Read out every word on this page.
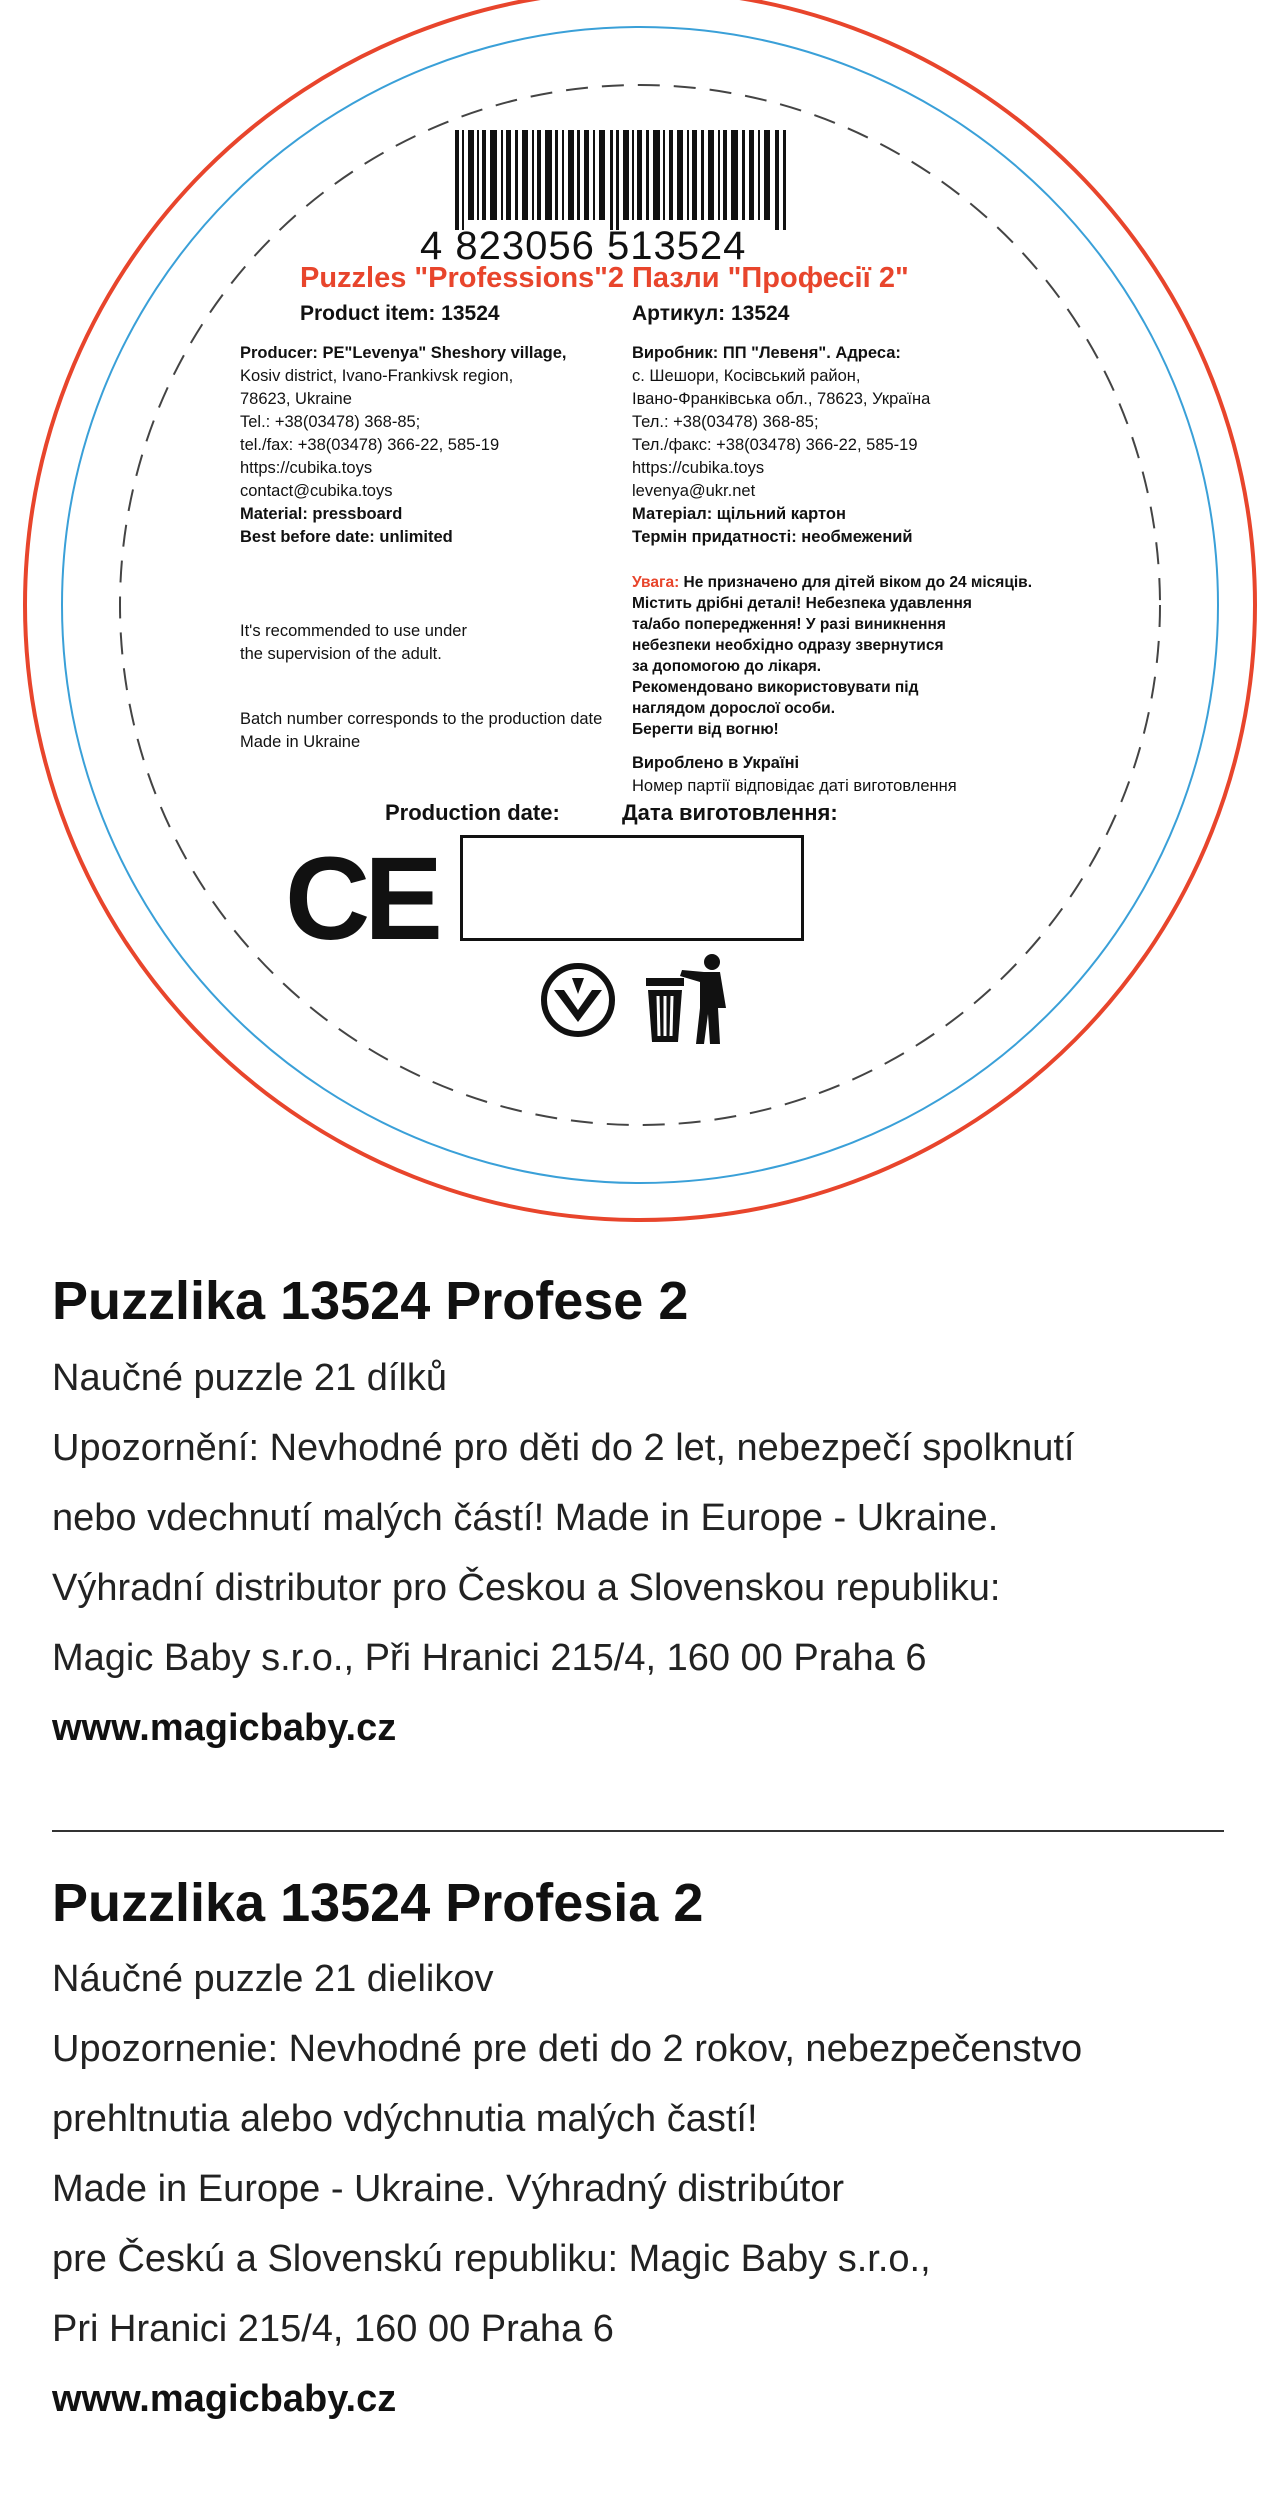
4 823056 513524
Puzzles "Professions"2 Пазли "Професії 2"
Product item: 13524	Артикул: 13524
Producer: PE"Levenya" Sheshory village,
Kosiv district, Ivano-Frankivsk region,
78623, Ukraine
Tel.: +38(03478) 368-85;
tel./fax: +38(03478) 366-22, 585-19
https://cubika.toys
contact@cubika.toys
Material: pressboard
Best before date: unlimited
It's recommended to use under
the supervision of the adult.
Batch number corresponds to the production date
Made in Ukraine
Виробник: ПП "Левеня". Адреса:
с. Шешори, Косівський район,
Івано-Франківська обл., 78623, Україна
Тел.: +38(03478) 368-85;
Тел./факс: +38(03478) 366-22, 585-19
https://cubika.toys
levenya@ukr.net
Матеріал: щільний картон
Термін придатності: необмежений
Увага: Не призначено для дітей віком до 24 місяців.
Містить дрібні деталі! Небезпека удавлення
та/або попередження! У разі виникнення
небезпеки необхідно одразу звернутися
за допомогою до лікаря.
Рекомендовано використовувати під
наглядом дорослої особи.
Берегти від вогню!
Вироблено в Україні
Номер партії відповідає даті виготовлення
Production date:	Дата виготовлення:
CE
Puzzlika 13524 Profese 2
Naučné puzzle 21 dílků
Upozornění: Nevhodné pro děti do 2 let, nebezpečí spolknutí
nebo vdechnutí malých částí! Made in Europe - Ukraine.
Výhradní distributor pro Českou a Slovenskou republiku:
Magic Baby s.r.o., Při Hranici 215/4, 160 00 Praha 6
www.magicbaby.cz
Puzzlika 13524 Profesia 2
Náučné puzzle 21 dielikov
Upozornenie: Nevhodné pre deti do 2 rokov, nebezpečenstvo
prehltnutia alebo vdýchnutia malých častí!
Made in Europe - Ukraine. Výhradný distribútor
pre Českú a Slovenskú republiku: Magic Baby s.r.o.,
Pri Hranici 215/4, 160 00 Praha 6
www.magicbaby.cz
